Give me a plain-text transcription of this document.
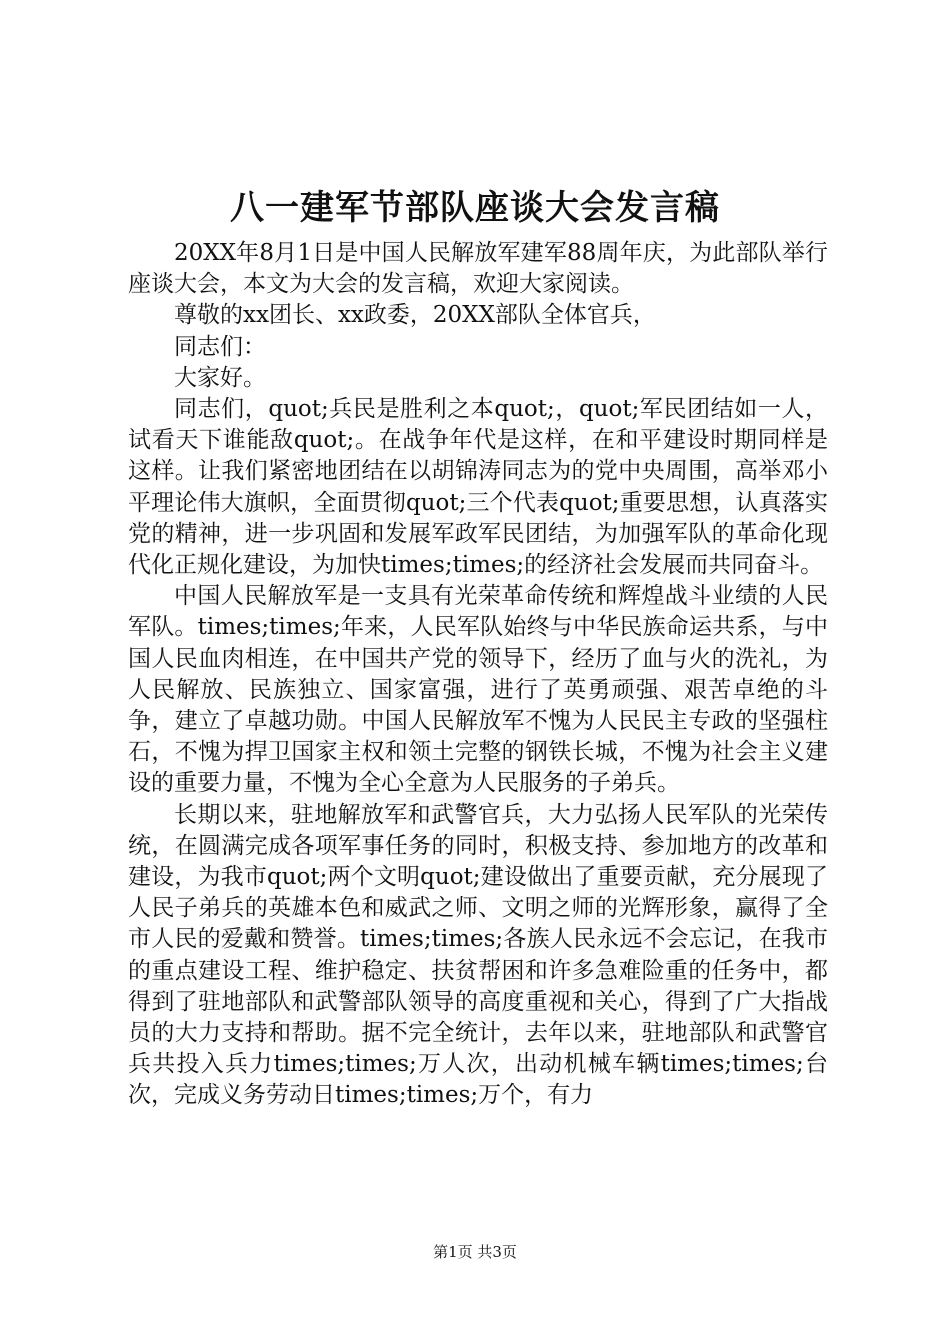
八一建军节部队座谈大会发言稿

20XX年8月1日是中国人民解放军建军88周年庆，为此部队举行座谈大会，本文为大会的发言稿，欢迎大家阅读。

尊敬的xx团长、xx政委，20XX部队全体官兵，

同志们：

大家好。

同志们，quot;兵民是胜利之本quot;，quot;军民团结如一人，试看天下谁能敌quot;。在战争年代是这样，在和平建设时期同样是这样。让我们紧密地团结在以胡锦涛同志为的党中央周围，高举邓小平理论伟大旗帜，全面贯彻quot;三个代表quot;重要思想，认真落实党的精神，进一步巩固和发展军政军民团结，为加强军队的革命化现代化正规化建设，为加快times;times;的经济社会发展而共同奋斗。

中国人民解放军是一支具有光荣革命传统和辉煌战斗业绩的人民军队。times;times;年来，人民军队始终与中华民族命运共系，与中国人民血肉相连，在中国共产党的领导下，经历了血与火的洗礼，为人民解放、民族独立、国家富强，进行了英勇顽强、艰苦卓绝的斗争，建立了卓越功勋。中国人民解放军不愧为人民民主专政的坚强柱石，不愧为捍卫国家主权和领土完整的钢铁长城，不愧为社会主义建设的重要力量，不愧为全心全意为人民服务的子弟兵。

长期以来，驻地解放军和武警官兵，大力弘扬人民军队的光荣传统，在圆满完成各项军事任务的同时，积极支持、参加地方的改革和建设，为我市quot;两个文明quot;建设做出了重要贡献，充分展现了人民子弟兵的英雄本色和威武之师、文明之师的光辉形象，赢得了全市人民的爱戴和赞誉。times;times;各族人民永远不会忘记，在我市的重点建设工程、维护稳定、扶贫帮困和许多急难险重的任务中，都得到了驻地部队和武警部队领导的高度重视和关心，得到了广大指战员的大力支持和帮助。据不完全统计，去年以来，驻地部队和武警官兵共投入兵力times;times;万人次，出动机械车辆times;times;台次，完成义务劳动日times;times;万个，有力

第1页 共3页
